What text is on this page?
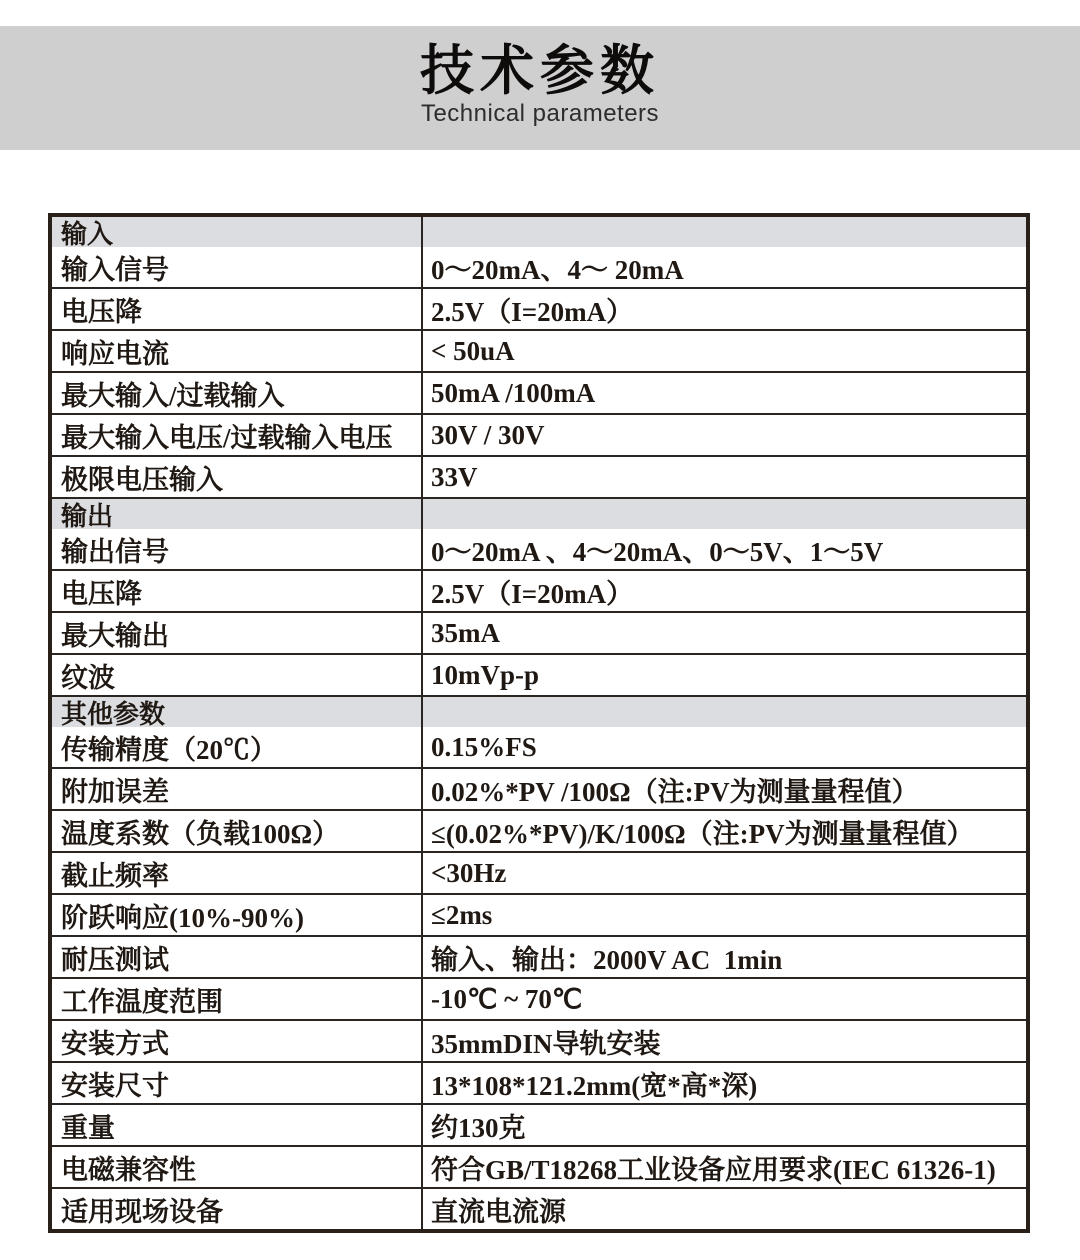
技术参数
Technical parameters
输入
输入信号	0～20mA、4～ 20mA
电压降	2.5V（I=20mA）
响应电流	< 50uA
最大输入/过载输入	50mA /100mA
最大输入电压/过载输入电压	30V / 30V
极限电压输入	33V
输出
输出信号	0～20mA 、4～20mA、0～5V、1～5V
电压降	2.5V（I=20mA）
最大输出	35mA
纹波	10mVp-p
其他参数
传输精度（20℃）	0.15%FS
附加误差	0.02%*PV /100Ω（注:PV为测量量程值）
温度系数（负载100Ω）	≤(0.02%*PV)/K/100Ω（注:PV为测量量程值）
截止频率	<30Hz
阶跃响应(10%-90%)	≤2ms
耐压测试	输入、输出：2000V AC  1min
工作温度范围	-10℃ ~ 70℃
安装方式	35mmDIN导轨安装
安装尺寸	13*108*121.2mm(宽*高*深)
重量	约130克
电磁兼容性	符合GB/T18268工业设备应用要求(IEC 61326-1)
适用现场设备	直流电流源
